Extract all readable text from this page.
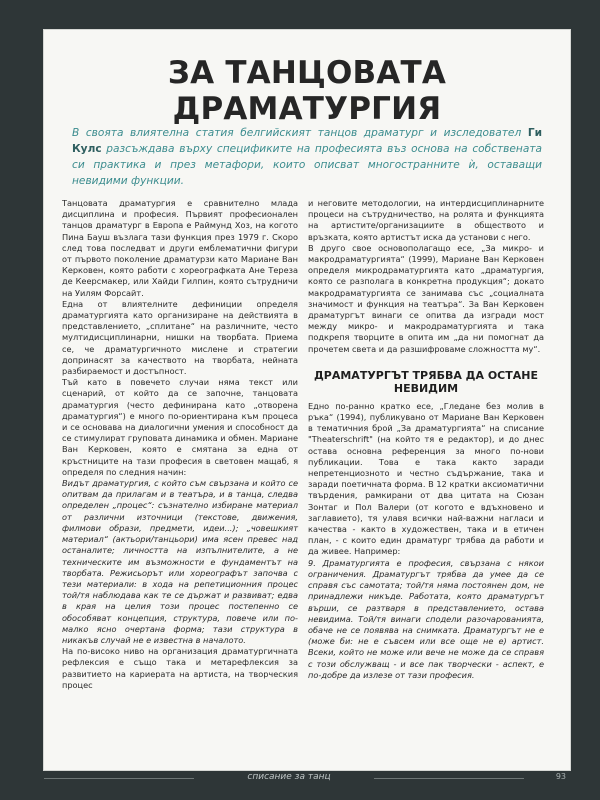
ЗА ТАНЦОВАТА ДРАМАТУРГИЯ

В своята влиятелна статия белгийският танцов драматург и изследовател Ги Кулс разсъждава върху спецификите на професията въз основа на собствената си практика и през метафори, които описват многостранните ѝ, оставащи невидими функции.

Танцовата драматургия е сравнително млада дисциплина и професия. Първият професионален танцов драматург в Европа е Раймунд Хоз, на когото Пина Бауш възлага тази функция през 1979 г. Скоро след това последват и други емблематични фигури от първото поколение драматурзи като Мариане Ван Керковен, която работи с хореографката Ане Тереза де Кеерсмакер, или Хайди Гилпин, която сътрудничи на Уилям Форсайт.

Една от влиятелните дефиниции определя драматургията като организиране на действията в представлението, „сплитане“ на различните, често мултидисциплинарни, нишки на творбата. Приема се, че драматургичното мислене и стратегии допринасят за качеството на творбата, нейната разбираемост и достъпност.

Тъй като в повечето случаи няма текст или сценарий, от който да се започне, танцовата драматургия (често дефинирана като „отворена драматургия“) е много по-ориентирана към процеса и се основава на диалогични умения и способност да се стимулират груповата динамика и обмен. Мариане Ван Керковен, която е смятана за една от кръстниците на тази професия в световен мащаб, я определя по следния начин:

Видът драматургия, с който съм свързана и който се опитвам да прилагам и в театъра, и в танца, следва определен „процес“: съзнателно избиране материал от различни източници (текстове, движения, филмови образи, предмети, идеи...); „човешкият материал“ (актьори/танцьори) има ясен превес над останалите; личността на изпълнителите, а не техническите им възможности е фундаментът на творбата. Режисьорът или хореографът започва с тези материали: в хода на репетиционния процес той/тя наблюдава как те се държат и развиват; едва в края на целия този процес постепенно се обособяват концепция, структура, повече или по-малко ясно очертана форма; тази структура в никакъв случай не е известна в началото.

На по-високо ниво на организация драматургичната рефлексия е също така и метарефлексия за развитието на кариерата на артиста, на творческия процес

и неговите методологии, на интердисциплинарните процеси на сътрудничество, на ролята и функцията на артистите/организациите в обществото и връзката, която артистът иска да установи с него.

В друго свое основополагащо есе, „За микро- и макродраматургията“ (1999), Мариане Ван Керковен определя микродраматургията като „драматургия, която се разполага в конкретна продукция“; докато макродраматургията се занимава със „социалната значимост и функция на театъра“. За Ван Керковен драматургът винаги се опитва да изгради мост между микро- и макродраматургията и така подкрепя творците в опита им „да ни помогнат да прочетем света и да разшифроваме сложността му“.

ДРАМАТУРГЪТ ТРЯБВА ДА ОСТАНЕ НЕВИДИМ

Едно по-ранно кратко есе, „Гледане без молив в ръка“ (1994), публикувано от Мариане Ван Керковен в тематичния брой „За драматургията“ на списание "Theaterschrift" (на който тя е редактор), и до днес остава основна референция за много по-нови публикации. Това е така както заради непретенциозното и честно съдържание, така и заради поетичната форма. В 12 кратки аксиоматични твърдения, рамкирани от два цитата на Сюзан Зонтаг и Пол Валери (от когото е вдъхновено и заглавието), тя улавя всички най-важни нагласи и качества - както в художествен, така и в етичен план, - с които един драматург трябва да работи и да живее. Например:

9. Драматургията е професия, свързана с някои ограничения. Драматургът трябва да умее да се справя със самотата; той/тя няма постоянен дом, не принадлежи никъде. Работата, която драматургът върши, се разтваря в представлението, остава невидима. Той/тя винаги сподели разочарованията, обаче не се появява на снимката. Драматургът не е (може би: не е съвсем или все още не е) артист. Всеки, който не може или вече не може да се справя с този обслужващ - и все пак творчески - аспект, е по-добре да излезе от тази професия.

списание за танц	93
